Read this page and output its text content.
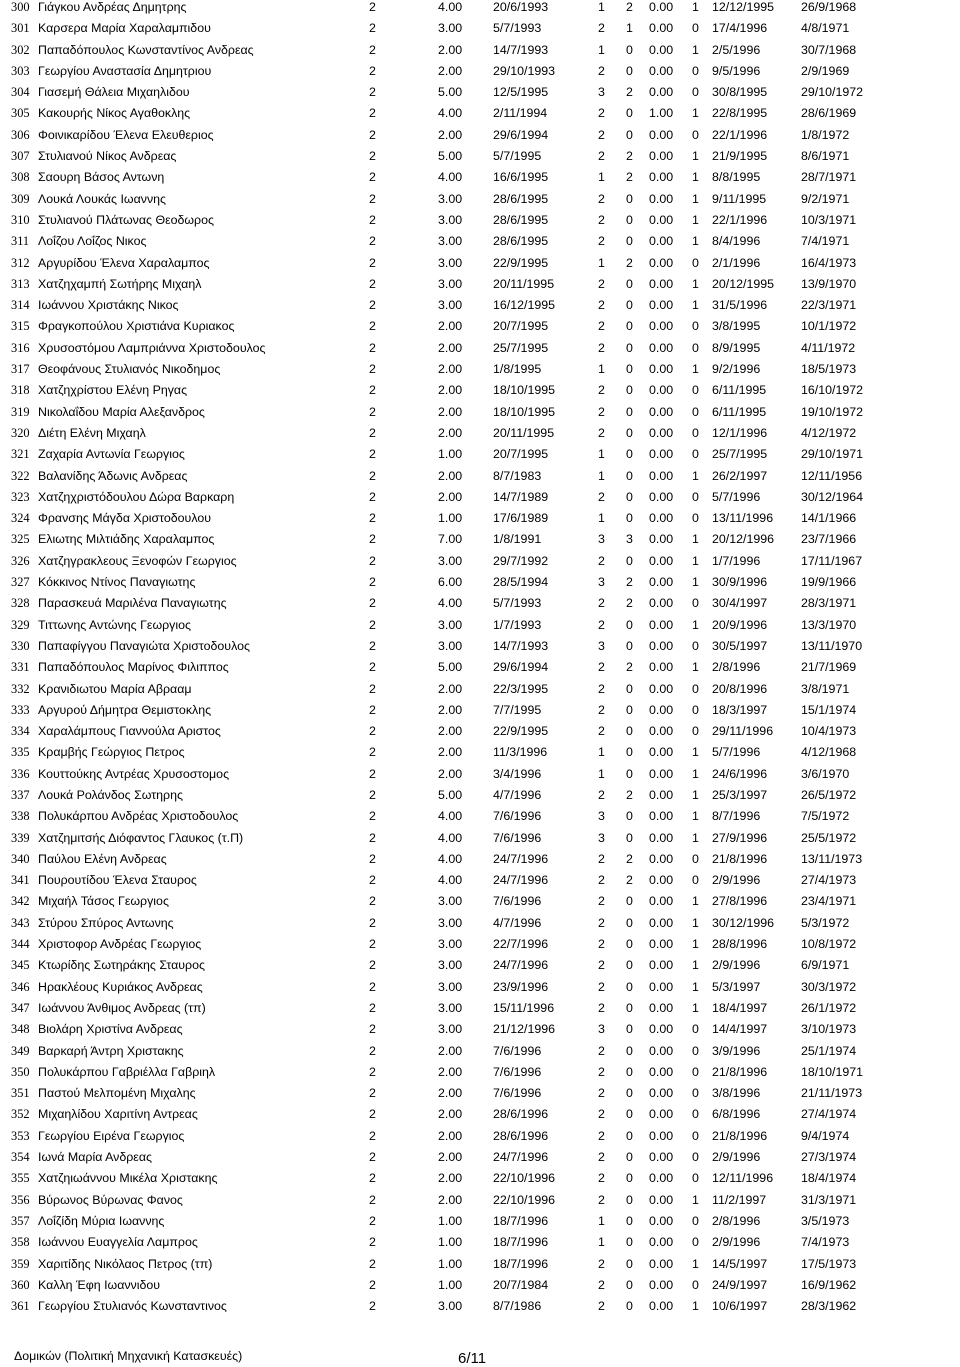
300 Γιάγκου Ανδρέας Δημητρης	2	4.00 20/6/1993	1 2 0.00 1 12/12/1995 26/9/1968
301 Καρσερα Μαρία Χαραλαμπιδου	2	3.00 5/7/1993	2 1 0.00 0 17/4/1996	4/8/1971
302 Παπαδόπουλος Κωνσταντίνος Ανδρεας	2	2.00 14/7/1993	1 0 0.00 1 2/5/1996	30/7/1968
303 Γεωργίου Αναστασία Δημητριου	2	2.00 29/10/1993	2 0 0.00 0 9/5/1996	2/9/1969
304 Γιασεμή Θάλεια Μιχαηλιδου	2	5.00 12/5/1995	3 2 0.00 0 30/8/1995	29/10/1972
305 Κακουρής Νίκος Αγαθοκλης	2	4.00 2/11/1994	2 0 1.00 1 22/8/1995	28/6/1969
306 Φοινικαρίδου Έλενα Ελευθεριος	2	2.00 29/6/1994	2 0 0.00 0 22/1/1996	1/8/1972
307 Στυλιανού Νίκος Ανδρεας	2	5.00 5/7/1995	2 2 0.00 1 21/9/1995	8/6/1971
308 Σαουρη Βάσος Αντωνη	2	4.00 16/6/1995	1 2 0.00 1 8/8/1995	28/7/1971
309 Λουκά Λουκάς Ιωαννης	2	3.00 28/6/1995	2 0 0.00 1 9/11/1995	9/2/1971
310 Στυλιανού Πλάτωνας Θεοδωρος	2	3.00 28/6/1995	2 0 0.00 1 22/1/1996	10/3/1971
311 Λοΐζου Λοΐζος Νικος	2	3.00 28/6/1995	2 0 0.00 1 8/4/1996	7/4/1971
312 Αργυρίδου Έλενα Χαραλαμπος	2	3.00 22/9/1995	1 2 0.00 0 2/1/1996	16/4/1973
313 Χατζηχαμπή Σωτήρης Μιχαηλ	2	3.00 20/11/1995	2 0 0.00 1 20/12/1995 13/9/1970
314 Ιωάννου Χριστάκης Νικος	2	3.00 16/12/1995	2 0 0.00 1 31/5/1996	22/3/1971
315 Φραγκοπούλου Χριστιάνα Κυριακος	2	2.00 20/7/1995	2 0 0.00 0 3/8/1995	10/1/1972
316 Χρυσοστόμου Λαμπριάννα Χριστοδουλος	2	2.00 25/7/1995	2 0 0.00 0 8/9/1995	4/11/1972
317 Θεοφάνους Στυλιανός Νικοδημος	2	2.00 1/8/1995	1 0 0.00 1 9/2/1996	18/5/1973
318 Χατζηχρίστου Ελένη Ρηγας	2	2.00 18/10/1995	2 0 0.00 0 6/11/1995	16/10/1972
319 Νικολαΐδου Μαρία Αλεξανδρος	2	2.00 18/10/1995	2 0 0.00 0 6/11/1995	19/10/1972
320 Διέτη Ελένη Μιχαηλ	2	2.00 20/11/1995	2 0 0.00 0 12/1/1996	4/12/1972
321 Ζαχαρία Αντωνία Γεωργιος	2	1.00 20/7/1995	1 0 0.00 0 25/7/1995	29/10/1971
322 Βαλανίδης Άδωνις Ανδρεας	2	2.00 8/7/1983	1 0 0.00 1 26/2/1997	12/11/1956
323 Χατζηχριστόδουλου Δώρα Βαρκαρη	2	2.00 14/7/1989	2 0 0.00 0 5/7/1996	30/12/1964
324 Φρανσης Μάγδα Χριστοδουλου	2	1.00 17/6/1989	1 0 0.00 0 13/11/1996 14/1/1966
325 Ελιωτης Μιλτιάδης Χαραλαμπος	2	7.00 1/8/1991	3 3 0.00 1 20/12/1996 23/7/1966
326 Χατζηγρακλεους Ξενοφών Γεωργιος	2	3.00 29/7/1992	2 0 0.00 1 1/7/1996	17/11/1967
327 Κόκκινος Ντίνος Παναγιωτης	2	6.00 28/5/1994	3 2 0.00 1 30/9/1996	19/9/1966
328 Παρασκευά Μαριλένα Παναγιωτης	2	4.00 5/7/1993	2 2 0.00 0 30/4/1997	28/3/1971
329 Τιττωνης Αντώνης Γεωργιος	2	3.00 1/7/1993	2 0 0.00 1 20/9/1996	13/3/1970
330 Παπαφίγγου Παναγιώτα Χριστοδουλος	2	3.00 14/7/1993	3 0 0.00 0 30/5/1997	13/11/1970
331 Παπαδόπουλος Μαρίνος Φιλιππος	2	5.00 29/6/1994	2 2 0.00 1 2/8/1996	21/7/1969
332 Κρανιδιωτου Μαρία Αβρααμ	2	2.00 22/3/1995	2 0 0.00 0 20/8/1996	3/8/1971
333 Αργυρού Δήμητρα Θεμιστοκλης	2	2.00 7/7/1995	2 0 0.00 0 18/3/1997	15/1/1974
334 Χαραλάμπους Γιαννούλα Αριστος	2	2.00 22/9/1995	2 0 0.00 0 29/11/1996 10/4/1973
335 Κραμβής Γεώργιος Πετρος	2	2.00 11/3/1996	1 0 0.00 1 5/7/1996	4/12/1968
336 Κουττούκης Αντρέας Χρυσοστομος	2	2.00 3/4/1996	1 0 0.00 1 24/6/1996	3/6/1970
337 Λουκά Ρολάνδος Σωτηρης	2	5.00 4/7/1996	2 2 0.00 1 25/3/1997	26/5/1972
338 Πολυκάρπου Ανδρέας Χριστοδουλος	2	4.00 7/6/1996	3 0 0.00 1 8/7/1996	7/5/1972
339 Χατζημιτσής Διόφαντος Γλαυκος (τ.Π)	2	4.00 7/6/1996	3 0 0.00 1 27/9/1996	25/5/1972
340 Παύλου Ελένη Ανδρεας	2	4.00 24/7/1996	2 2 0.00 0 21/8/1996	13/11/1973
341 Πουρουτίδου Έλενα Σταυρος	2	4.00 24/7/1996	2 2 0.00 0 2/9/1996	27/4/1973
342 Μιχαήλ Τάσος Γεωργιος	2	3.00 7/6/1996	2 0 0.00 1 27/8/1996	23/4/1971
343 Στύρου Σπύρος Αντωνης	2	3.00 4/7/1996	2 0 0.00 1 30/12/1996 5/3/1972
344 Χριστοφορ Ανδρέας Γεωργιος	2	3.00 22/7/1996	2 0 0.00 1 28/8/1996	10/8/1972
345 Κτωρίδης Σωτηράκης Σταυρος	2	3.00 24/7/1996	2 0 0.00 1 2/9/1996	6/9/1971
346 Ηρακλέους Κυριάκος Ανδρεας	2	3.00 23/9/1996	2 0 0.00 1 5/3/1997	30/3/1972
347 Ιωάννου Άνθιμος Ανδρεας (τπ)	2	3.00 15/11/1996	2 0 0.00 1 18/4/1997	26/1/1972
348 Βιολάρη Χριστίνα Ανδρεας	2	3.00 21/12/1996	3 0 0.00 0 14/4/1997	3/10/1973
349 Βαρκαρή Άντρη Χριστακης	2	2.00 7/6/1996	2 0 0.00 0 3/9/1996	25/1/1974
350 Πολυκάρπου Γαβριέλλα Γαβριηλ	2	2.00 7/6/1996	2 0 0.00 0 21/8/1996	18/10/1971
351 Παστού Μελπομένη Μιχαλης	2	2.00 7/6/1996	2 0 0.00 0 3/8/1996	21/11/1973
352 Μιχαηλίδου Χαριτίνη Αντρεας	2	2.00 28/6/1996	2 0 0.00 0 6/8/1996	27/4/1974
353 Γεωργίου Ειρένα Γεωργιος	2	2.00 28/6/1996	2 0 0.00 0 21/8/1996	9/4/1974
354 Ιωνά Μαρία Ανδρεας	2	2.00 24/7/1996	2 0 0.00 0 2/9/1996	27/3/1974
355 Χατζηιωάννου Μικέλα Χριστακης	2	2.00 22/10/1996	2 0 0.00 0 12/11/1996 18/4/1974
356 Βύρωνος Βύρωνας Φανος	2	2.00 22/10/1996	2 0 0.00 1 11/2/1997	31/3/1971
357 Λοΐζίδη Μύρια Ιωαννης	2	1.00 18/7/1996	1 0 0.00 0 2/8/1996	3/5/1973
358 Ιωάννου Ευαγγελία Λαμπρος	2	1.00 18/7/1996	1 0 0.00 0 2/9/1996	7/4/1973
359 Χαριτίδης Νικόλαος Πετρος (τπ)	2	1.00 18/7/1996	2 0 0.00 1 14/5/1997	17/5/1973
360 Καλλη Έφη Ιωαννιδου	2	1.00 20/7/1984	2 0 0.00 0 24/9/1997	16/9/1962
361 Γεωργίου Στυλιανός Κωνσταντινος	2	3.00 8/7/1986	2 0 0.00 1 10/6/1997	28/3/1962
Δομικών (Πολιτική Μηχανική Κατασκευές)	6/11
